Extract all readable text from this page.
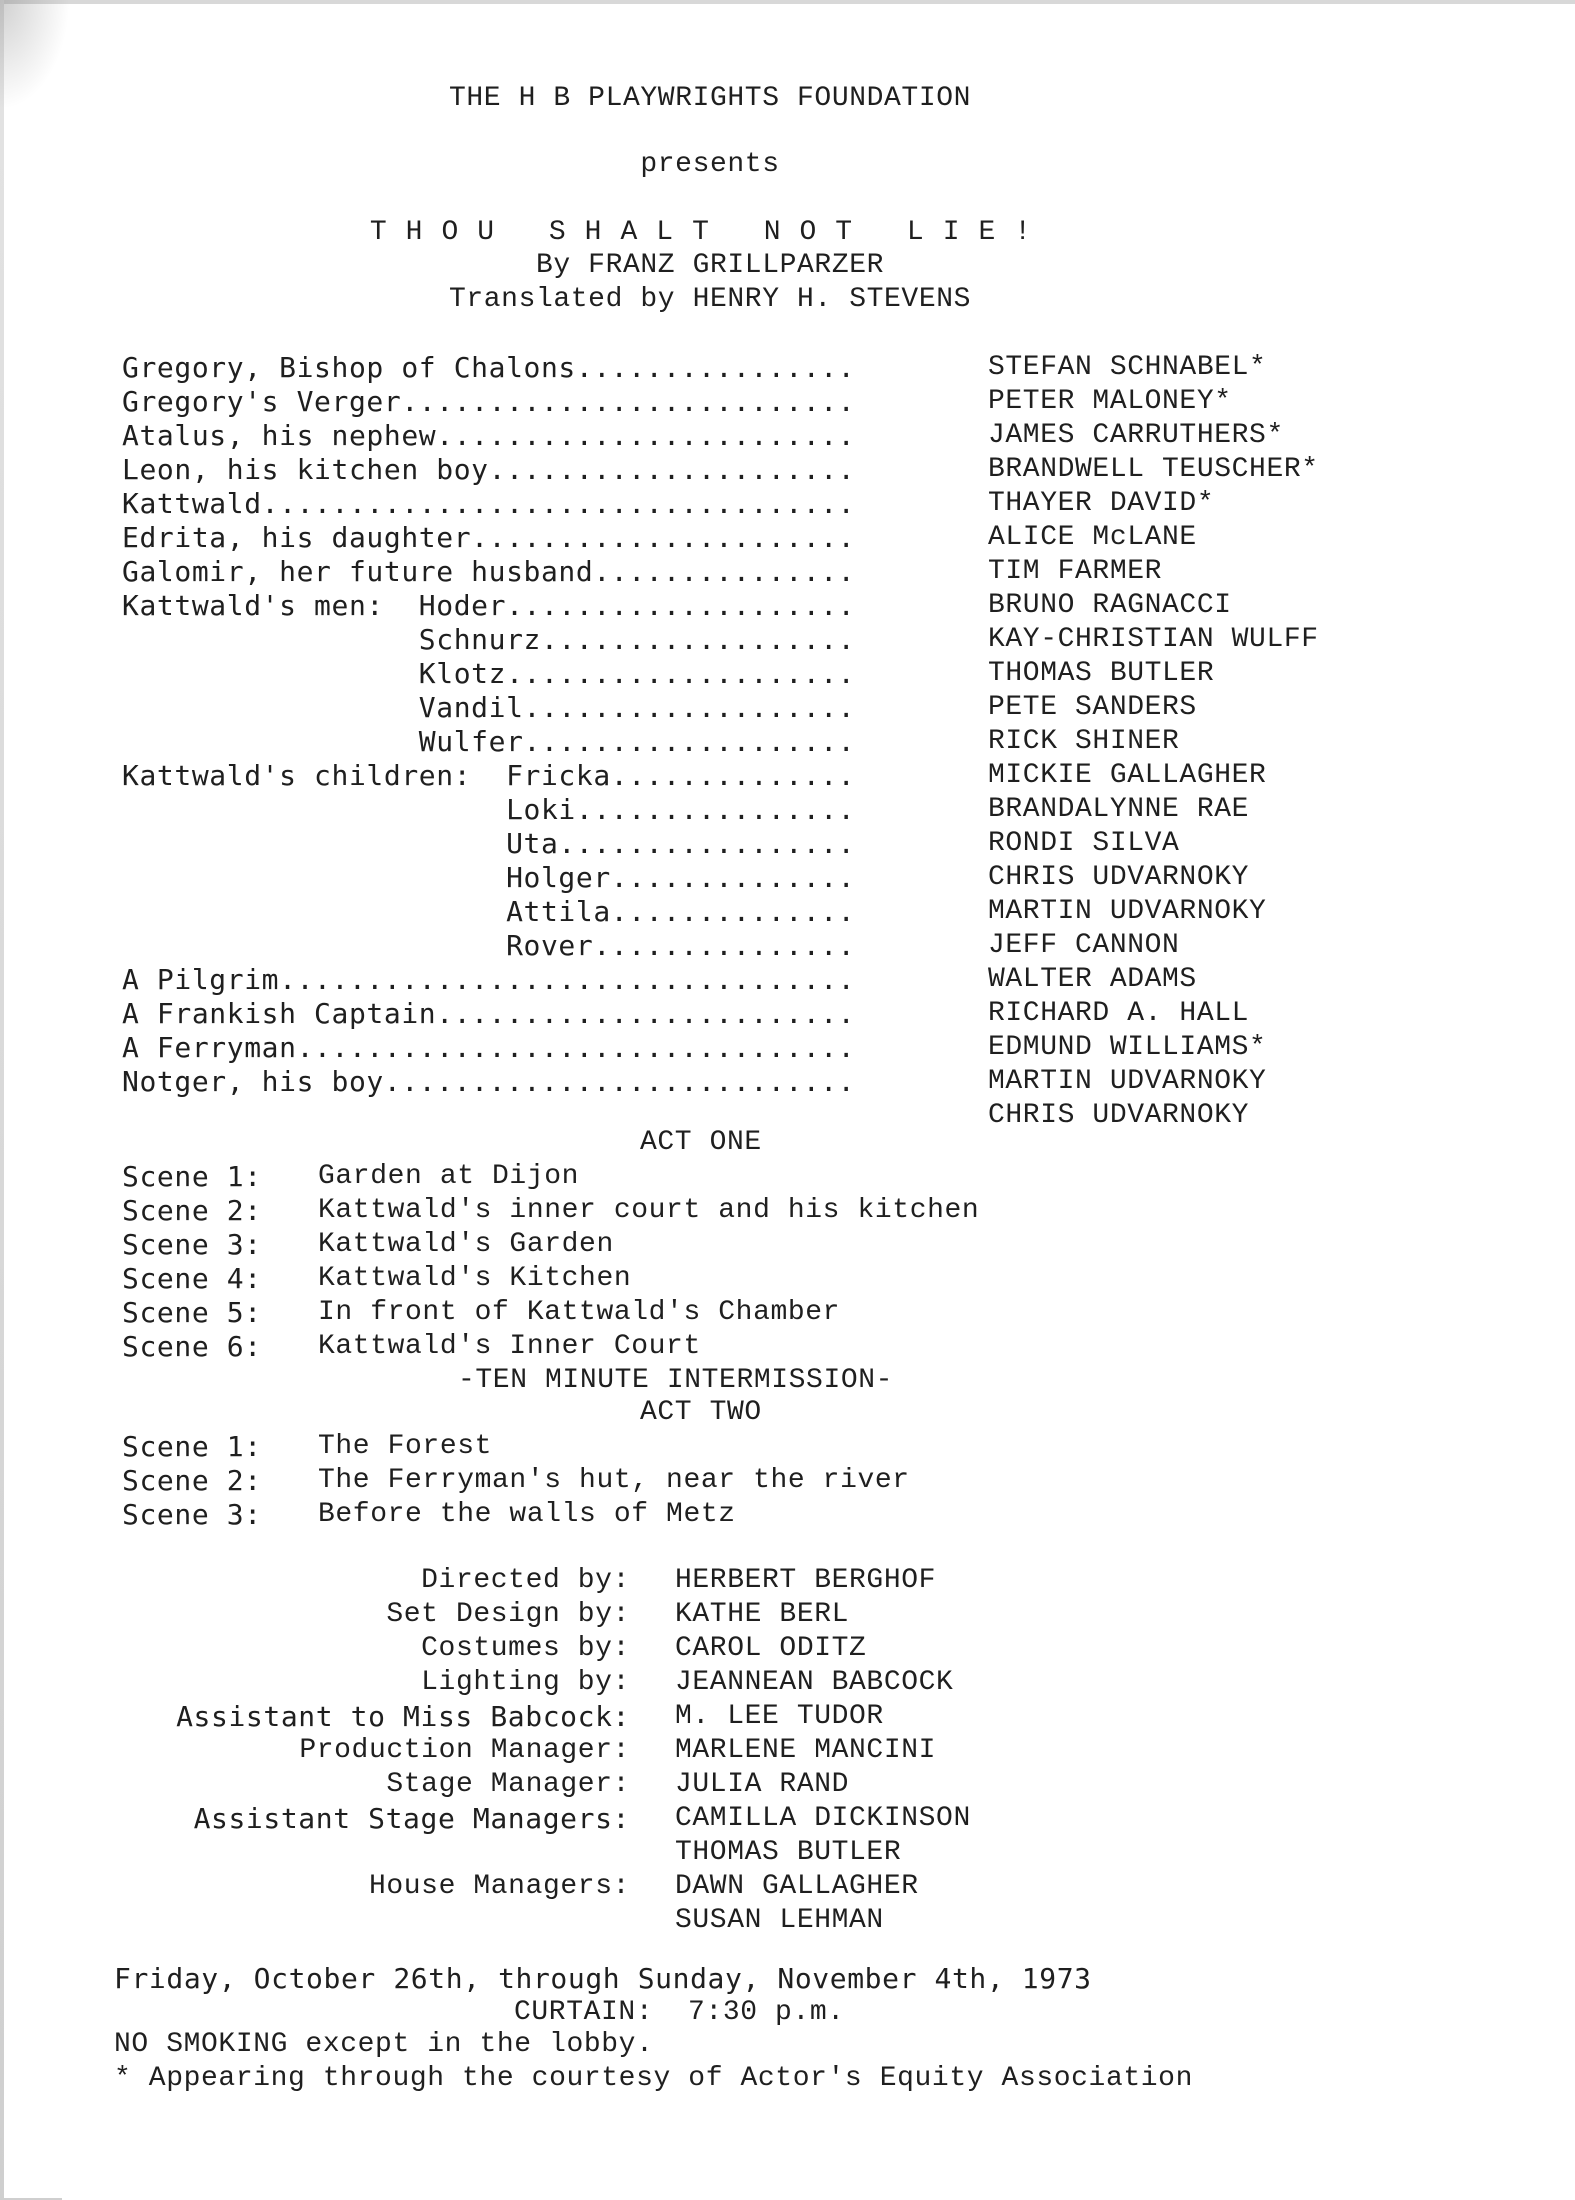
THE H B PLAYWRIGHTS FOUNDATION
presents
THOU SHALT NOT LIE!
By FRANZ GRILLPARZER
Translated by HENRY H. STEVENS
Gregory, Bishop of Chalons................	STEFAN SCHNABEL*
Gregory's Verger..........................	PETER MALONEY*
Atalus, his nephew........................	JAMES CARRUTHERS*
Leon, his kitchen boy.....................	BRANDWELL TEUSCHER*
Kattwald..................................	THAYER DAVID*
Edrita, his daughter......................	ALICE McLANE
Galomir, her future husband...............	TIM FARMER
Kattwald's men:  Hoder....................	BRUNO RAGNACCI
Schnurz..................	KAY-CHRISTIAN WULFF
Klotz....................	THOMAS BUTLER
Vandil...................	PETE SANDERS
Wulfer...................	RICK SHINER
Kattwald's children:  Fricka..............	MICKIE GALLAGHER
Loki................	BRANDALYNNE RAE
Uta.................	RONDI SILVA
Holger..............	CHRIS UDVARNOKY
Attila..............	MARTIN UDVARNOKY
Rover...............	JEFF CANNON
A Pilgrim.................................	WALTER ADAMS
A Frankish Captain........................	RICHARD A. HALL
A Ferryman................................	EDMUND WILLIAMS*
Notger, his boy...........................	MARTIN UDVARNOKY
CHRIS UDVARNOKY
ACT ONE
Scene 1: Garden at Dijon
Scene 2: Kattwald's inner court and his kitchen
Scene 3: Kattwald's Garden
Scene 4: Kattwald's Kitchen
Scene 5: In front of Kattwald's Chamber
Scene 6: Kattwald's Inner Court
-TEN MINUTE INTERMISSION-
ACT TWO
Scene 1: The Forest
Scene 2: The Ferryman's hut, near the river
Scene 3: Before the walls of Metz
Directed by: HERBERT BERGHOF
Set Design by: KATHE BERL
Costumes by: CAROL ODITZ
Lighting by: JEANNEAN BABCOCK
Assistant to Miss Babcock: M. LEE TUDOR
Production Manager: MARLENE MANCINI
Stage Manager: JULIA RAND
Assistant Stage Managers: CAMILLA DICKINSON
THOMAS BUTLER
House Managers: DAWN GALLAGHER
SUSAN LEHMAN
Friday, October 26th, through Sunday, November 4th, 1973
CURTAIN:  7:30 p.m.
NO SMOKING except in the lobby.
* Appearing through the courtesy of Actor's Equity Association
